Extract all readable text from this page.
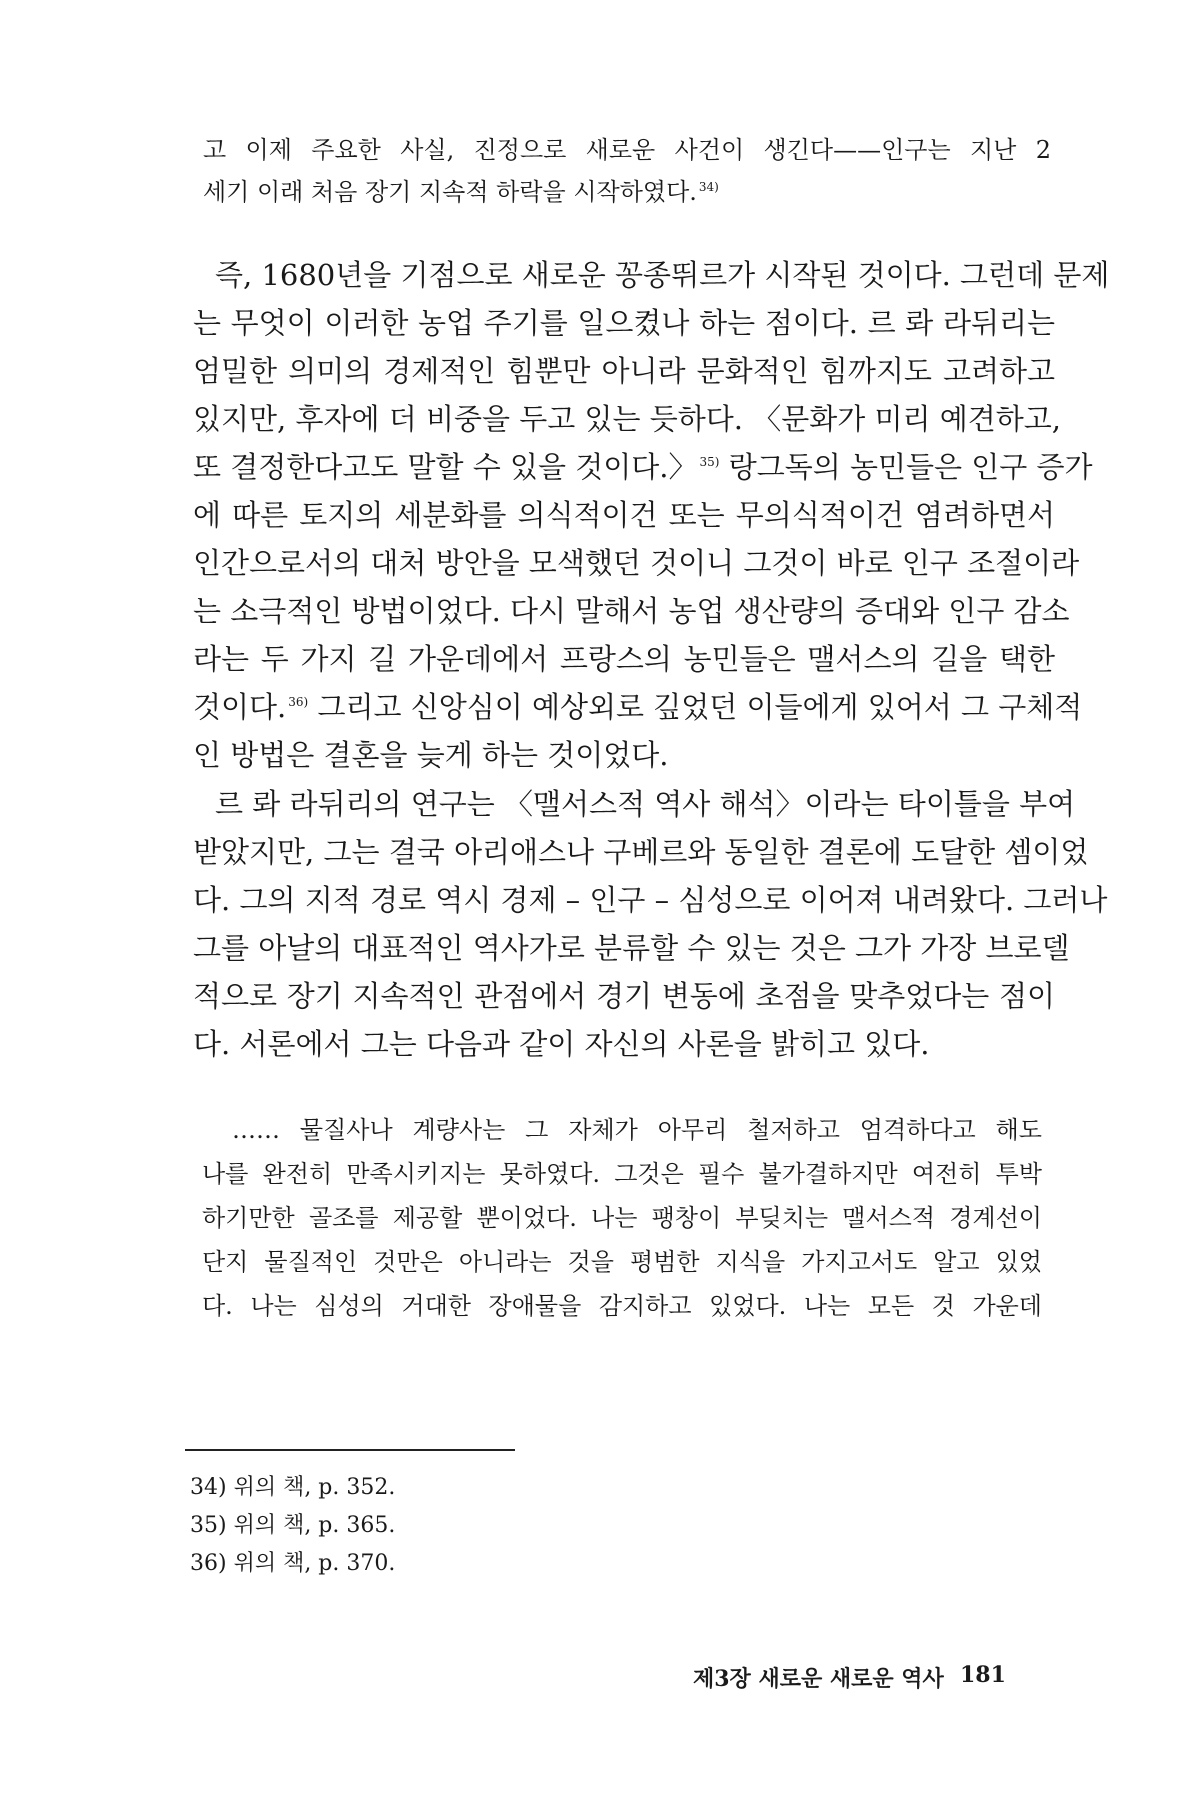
고 이제 주요한 사실, 진정으로 새로운 사건이 생긴다——인구는 지난 2
세기 이래 처음 장기 지속적 하락을 시작하였다. $^{34)}$
즉, 1680년을 기점으로 새로운 꽁종뛰르가 시작된 것이다. 그런데 문제
는 무엇이 이러한 농업 주기를 일으켰나 하는 점이다. 르 롸 라뒤리는
엄밀한 의미의 경제적인 힘뿐만 아니라 문화적인 힘까지도 고려하고
있지만, 후자에 더 비중을 두고 있는 듯하다. 〈문화가 미리 예견하고,
또 결정한다고도 말할 수 있을 것이다.〉 $^{35)}$ 랑그독의 농민들은 인구 증가
에 따른 토지의 세분화를 의식적이건 또는 무의식적이건 염려하면서
인간으로서의 대처 방안을 모색했던 것이니 그것이 바로 인구 조절이라
는 소극적인 방법이었다. 다시 말해서 농업 생산량의 증대와 인구 감소
라는 두 가지 길 가운데에서 프랑스의 농민들은 맬서스의 길을 택한
것이다. $^{36)}$ 그리고 신앙심이 예상외로 깊었던 이들에게 있어서 그 구체적
인 방법은 결혼을 늦게 하는 것이었다.
르 롸 라뒤리의 연구는 〈맬서스적 역사 해석〉이라는 타이틀을 부여
받았지만, 그는 결국 아리애스나 구베르와 동일한 결론에 도달한 셈이었
다. 그의 지적 경로 역시 경제 – 인구 – 심성으로 이어져 내려왔다. 그러나
그를 아날의 대표적인 역사가로 분류할 수 있는 것은 그가 가장 브로델
적으로 장기 지속적인 관점에서 경기 변동에 초점을 맞추었다는 점이
다. 서론에서 그는 다음과 같이 자신의 사론을 밝히고 있다.
…… 물질사나 계량사는 그 자체가 아무리 철저하고 엄격하다고 해도
나를 완전히 만족시키지는 못하였다. 그것은 필수 불가결하지만 여전히 투박
하기만한 골조를 제공할 뿐이었다. 나는 팽창이 부딪치는 맬서스적 경계선이
단지 물질적인 것만은 아니라는 것을 평범한 지식을 가지고서도 알고 있었
다. 나는 심성의 거대한 장애물을 감지하고 있었다. 나는 모든 것 가운데
34) 위의 책, p. 352.
35) 위의 책, p. 365.
36) 위의 책, p. 370.
제3장 새로운 새로운 역사 181
